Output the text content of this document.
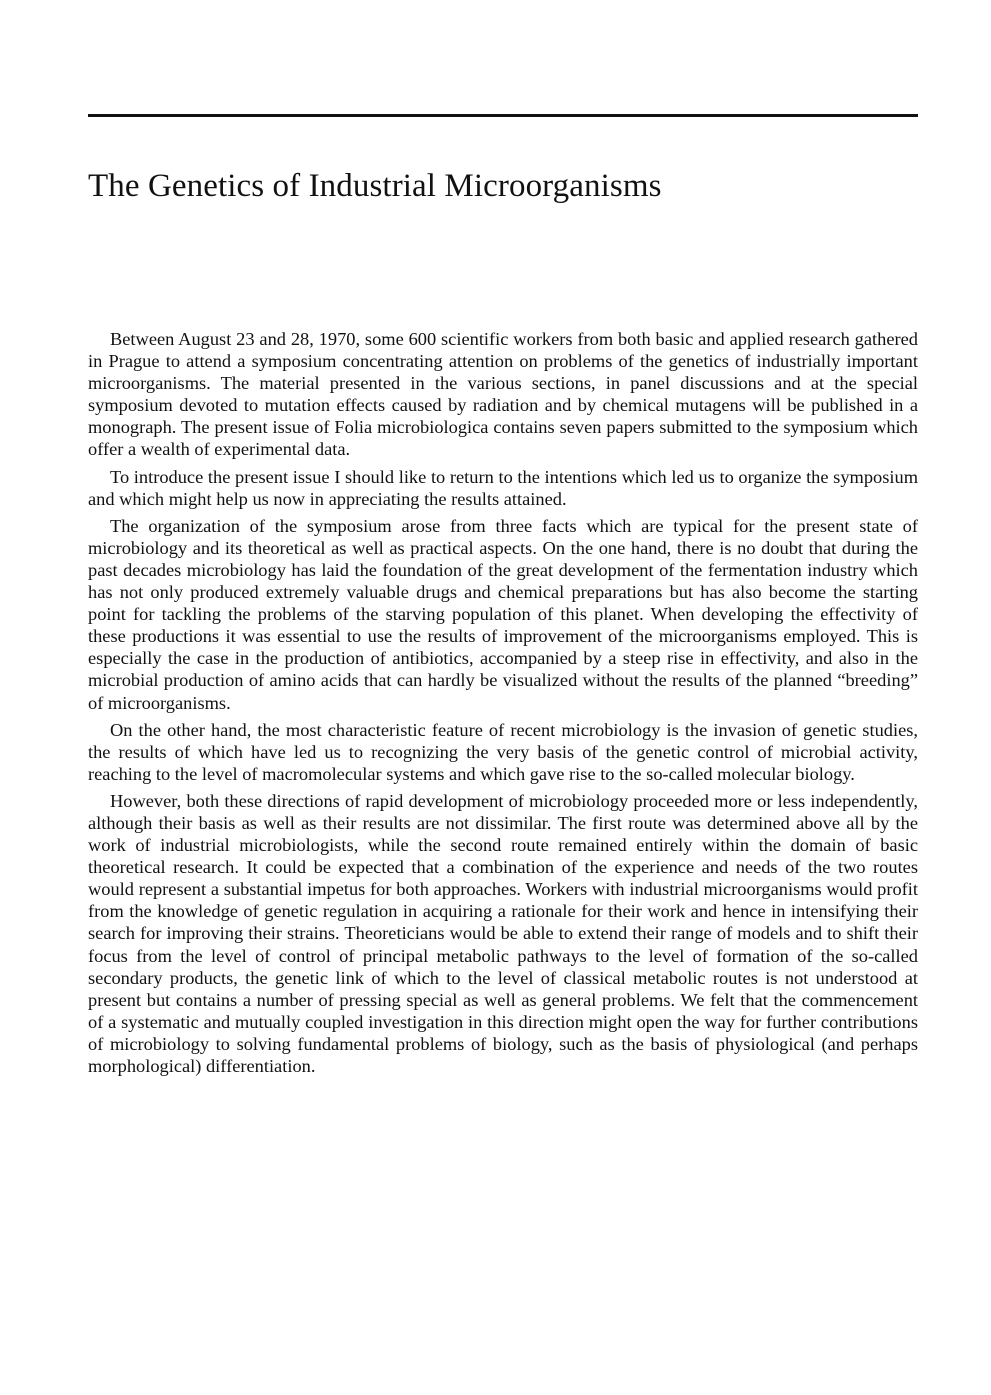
The Genetics of Industrial Microorganisms

Between August 23 and 28, 1970, some 600 scientific workers from both basic and applied research gathered in Prague to attend a symposium concentrating attention on problems of the genetics of industrially important microorganisms. The material presented in the various sections, in panel discussions and at the special symposium devoted to mutation effects caused by radiation and by chemical mutagens will be published in a monograph. The present issue of Folia microbiologica contains seven papers submitted to the symposium which offer a wealth of experimental data.

To introduce the present issue I should like to return to the intentions which led us to organize the symposium and which might help us now in appreciating the results attained.

The organization of the symposium arose from three facts which are typical for the present state of microbiology and its theoretical as well as practical aspects. On the one hand, there is no doubt that during the past decades microbiology has laid the foundation of the great development of the fermentation industry which has not only produced extremely valuable drugs and chemical preparations but has also become the starting point for tackling the problems of the starving population of this planet. When developing the effectivity of these productions it was essential to use the results of improvement of the microorganisms employed. This is especially the case in the production of antibiotics, accompanied by a steep rise in effectivity, and also in the microbial production of amino acids that can hardly be visualized without the results of the planned “breeding” of microorganisms.

On the other hand, the most characteristic feature of recent microbiology is the invasion of genetic studies, the results of which have led us to recognizing the very basis of the genetic control of microbial activity, reaching to the level of macromolecular systems and which gave rise to the so-called molecular biology.

However, both these directions of rapid development of microbiology proceeded more or less independently, although their basis as well as their results are not dissimilar. The first route was determined above all by the work of industrial microbiologists, while the second route remained entirely within the domain of basic theoretical research. It could be expected that a combination of the experience and needs of the two routes would represent a substantial impetus for both approaches. Workers with industrial microorganisms would profit from the knowledge of genetic regulation in acquiring a rationale for their work and hence in intensifying their search for improving their strains. Theoreticians would be able to extend their range of models and to shift their focus from the level of control of principal metabolic pathways to the level of formation of the so-called secondary products, the genetic link of which to the level of classical metabolic routes is not understood at present but contains a number of pressing special as well as general problems. We felt that the commencement of a systematic and mutually coupled investigation in this direction might open the way for further contributions of microbiology to solving fundamental problems of biology, such as the basis of physiological (and perhaps morphological) differentiation.
